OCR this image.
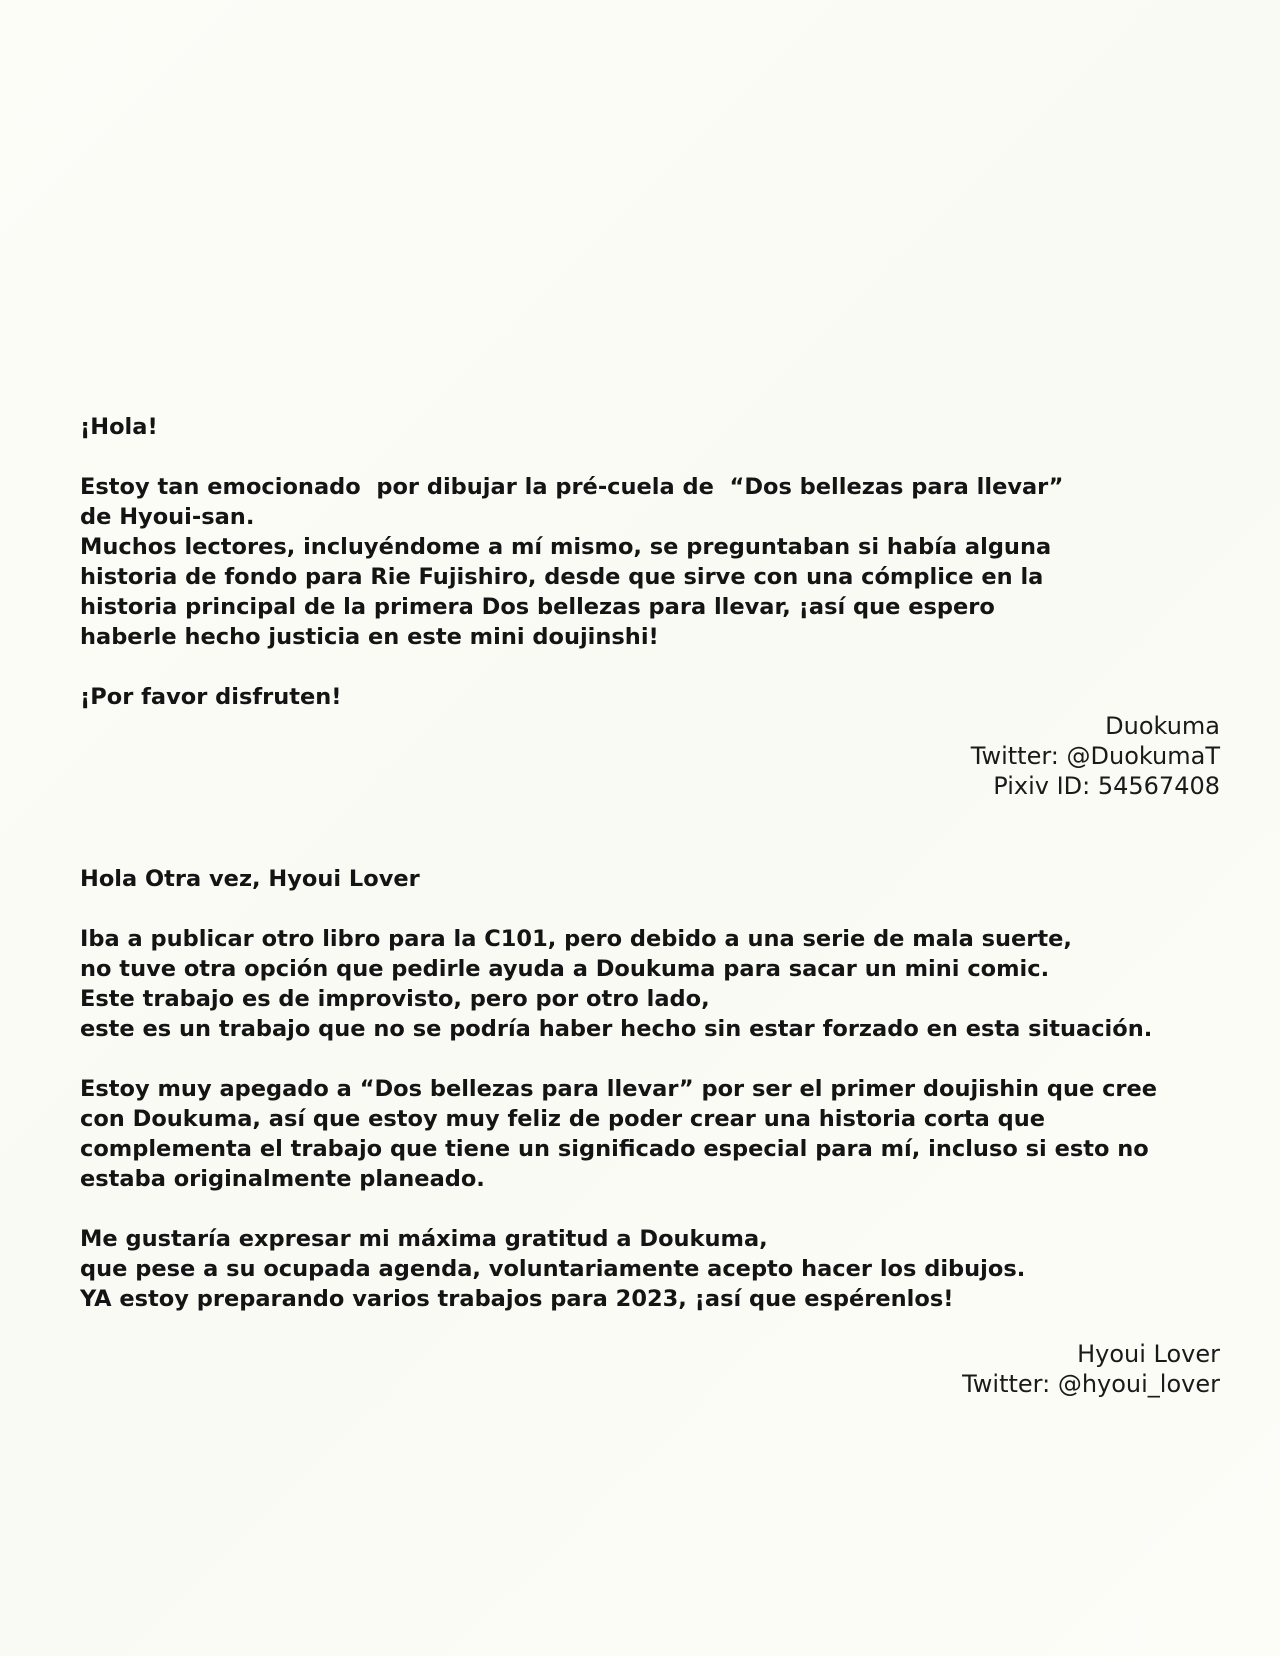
¡Hola!
Estoy tan emocionado  por dibujar la pré-cuela de  “Dos bellezas para llevar”
de Hyoui-san.
Muchos lectores, incluyéndome a mí mismo, se preguntaban si había alguna
historia de fondo para Rie Fujishiro, desde que sirve con una cómplice en la
historia principal de la primera Dos bellezas para llevar, ¡así que espero
haberle hecho justicia en este mini doujinshi!
¡Por favor disfruten!
Duokuma
Twitter: @DuokumaT
Pixiv ID: 54567408
Hola Otra vez, Hyoui Lover
Iba a publicar otro libro para la C101, pero debido a una serie de mala suerte,
no tuve otra opción que pedirle ayuda a Doukuma para sacar un mini comic.
Este trabajo es de improvisto, pero por otro lado,
este es un trabajo que no se podría haber hecho sin estar forzado en esta situación.
Estoy muy apegado a “Dos bellezas para llevar” por ser el primer doujishin que cree
con Doukuma, así que estoy muy feliz de poder crear una historia corta que
complementa el trabajo que tiene un significado especial para mí, incluso si esto no
estaba originalmente planeado.
Me gustaría expresar mi máxima gratitud a Doukuma,
que pese a su ocupada agenda, voluntariamente acepto hacer los dibujos.
YA estoy preparando varios trabajos para 2023, ¡así que espérenlos!
Hyoui Lover
Twitter: @hyoui_lover
